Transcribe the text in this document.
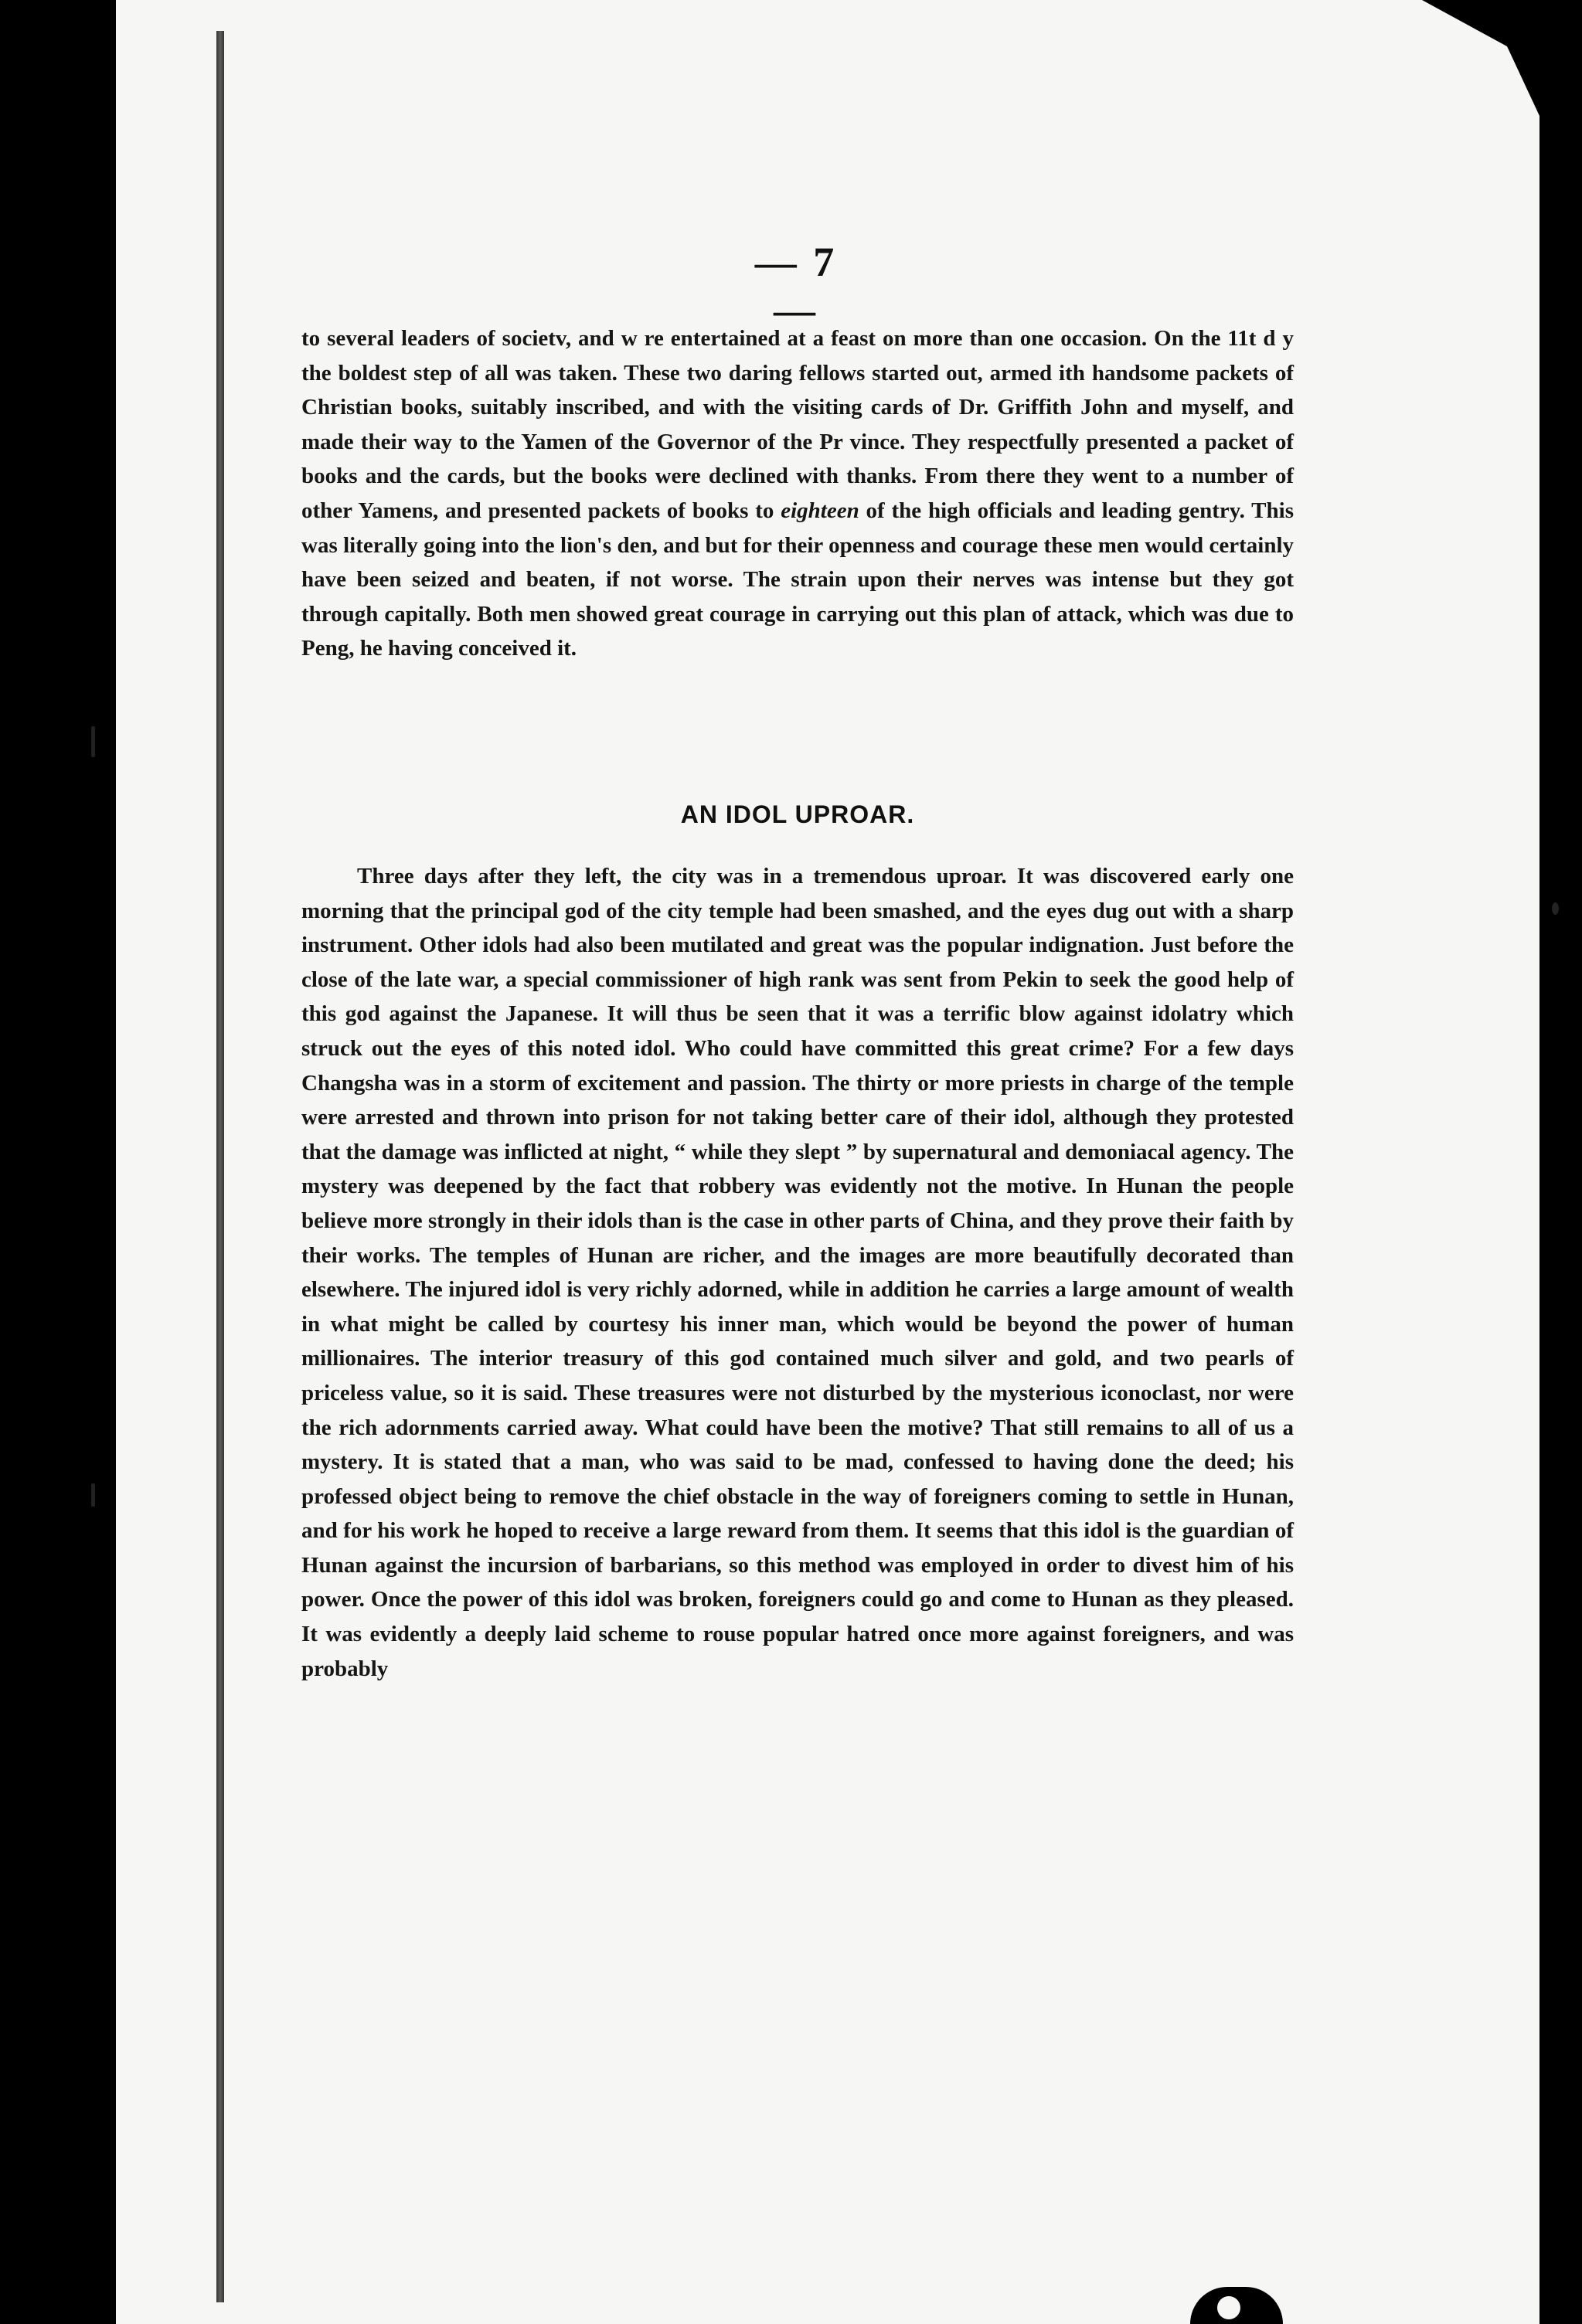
— 7 —
to several leaders of societv, and w re entertained at a feast on more than one occasion. On the 11t d y the boldest step of all was taken. These two daring fellows started out, armed ith handsome packets of Christian books, suitably inscribed, and with the visiting cards of Dr. Griffith John and myself, and made their way to the Yamen of the Governor of the Pr vince. They respectfully presented a packet of books and the cards, but the books were declined with thanks. From there they went to a number of other Yamens, and presented packets of books to eighteen of the high officials and leading gentry. This was literally going into the lion's den, and but for their openness and courage these men would certainly have been seized and beaten, if not worse. The strain upon their nerves was intense but they got through capitally. Both men showed great courage in carrying out this plan of attack, which was due to Peng, he having conceived it.
AN IDOL UPROAR.
Three days after they left, the city was in a tremendous uproar. It was discovered early one morning that the principal god of the city temple had been smashed, and the eyes dug out with a sharp instrument. Other idols had also been mutilated and great was the popular indignation. Just before the close of the late war, a special commissioner of high rank was sent from Pekin to seek the good help of this god against the Japanese. It will thus be seen that it was a terrific blow against idolatry which struck out the eyes of this noted idol. Who could have committed this great crime? For a few days Changsha was in a storm of excitement and passion. The thirty or more priests in charge of the temple were arrested and thrown into prison for not taking better care of their idol, although they protested that the damage was inflicted at night, “ while they slept ” by supernatural and demoniacal agency. The mystery was deepened by the fact that robbery was evidently not the motive. In Hunan the people believe more strongly in their idols than is the case in other parts of China, and they prove their faith by their works. The temples of Hunan are richer, and the images are more beautifully decorated than elsewhere. The injured idol is very richly adorned, while in addition he carries a large amount of wealth in what might be called by courtesy his inner man, which would be beyond the power of human millionaires. The interior treasury of this god contained much silver and gold, and two pearls of priceless value, so it is said. These treasures were not disturbed by the mysterious iconoclast, nor were the rich adornments carried away. What could have been the motive? That still remains to all of us a mystery. It is stated that a man, who was said to be mad, confessed to having done the deed; his professed object being to remove the chief obstacle in the way of foreigners coming to settle in Hunan, and for his work he hoped to receive a large reward from them. It seems that this idol is the guardian of Hunan against the incursion of barbarians, so this method was employed in order to divest him of his power. Once the power of this idol was broken, foreigners could go and come to Hunan as they pleased. It was evidently a deeply laid scheme to rouse popular hatred once more against foreigners, and was probably
